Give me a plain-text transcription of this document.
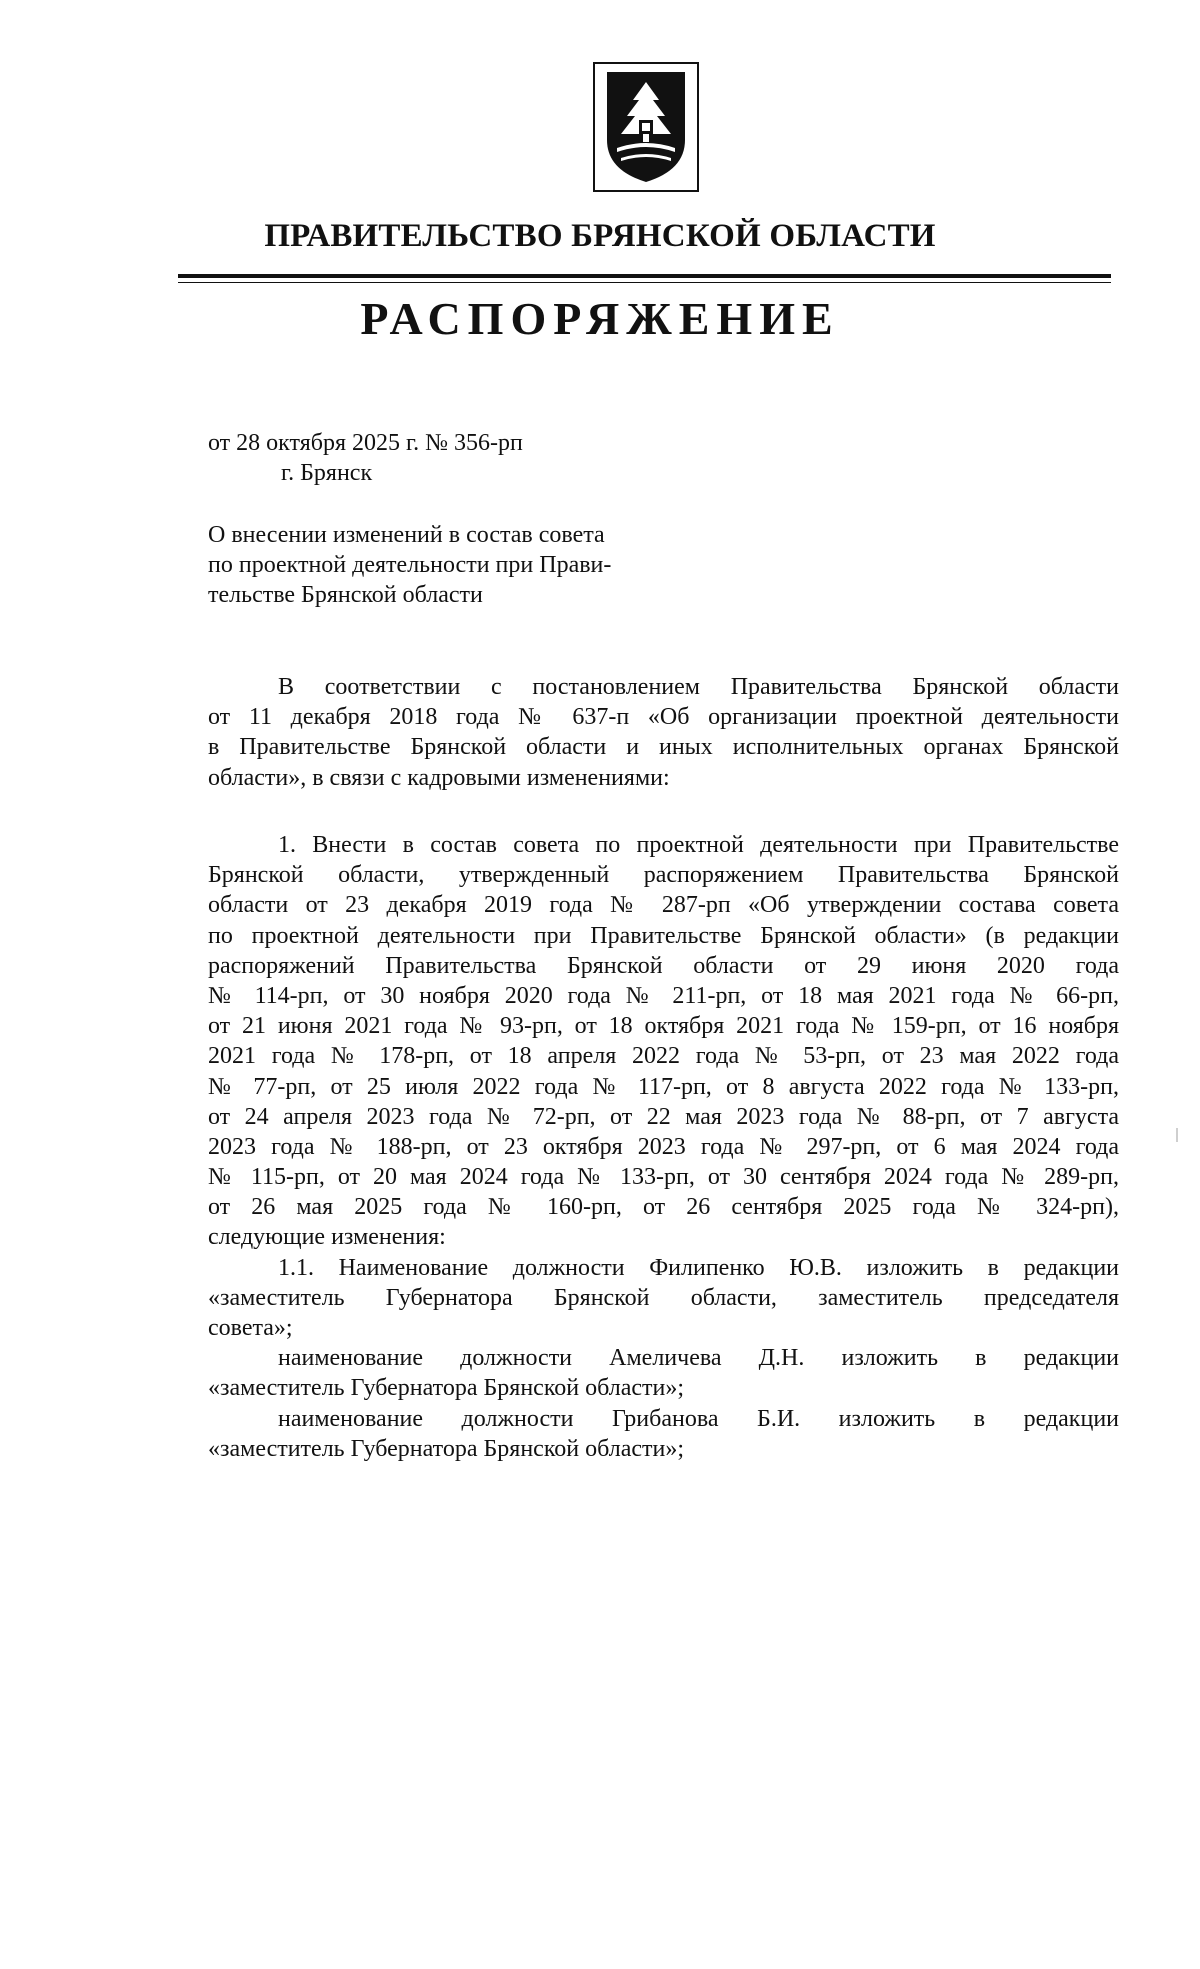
ПРАВИТЕЛЬСТВО БРЯНСКОЙ ОБЛАСТИ
РАСПОРЯЖЕНИЕ
от 28 октября 2025 г. № 356-рп
г. Брянск
О внесении изменений в состав совета
по проектной деятельности при Прави-
тельстве Брянской области
В соответствии с постановлением Правительства Брянской области
от 11 декабря 2018 года № 637-п «Об организации проектной деятельности
в Правительстве Брянской области и иных исполнительных органах Брянской
области», в связи с кадровыми изменениями:
1. Внести в состав совета по проектной деятельности при Правительстве
Брянской области, утвержденный распоряжением Правительства Брянской
области от 23 декабря 2019 года № 287-рп «Об утверждении состава совета
по проектной деятельности при Правительстве Брянской области» (в редакции
распоряжений Правительства Брянской области от 29 июня 2020 года
№ 114-рп, от 30 ноября 2020 года № 211-рп, от 18 мая 2021 года № 66-рп,
от 21 июня 2021 года № 93-рп, от 18 октября 2021 года № 159-рп, от 16 ноября
2021 года № 178-рп, от 18 апреля 2022 года № 53-рп, от 23 мая 2022 года
№ 77-рп, от 25 июля 2022 года № 117-рп, от 8 августа 2022 года № 133-рп,
от 24 апреля 2023 года № 72-рп, от 22 мая 2023 года № 88-рп, от 7 августа
2023 года № 188-рп, от 23 октября 2023 года № 297-рп, от 6 мая 2024 года
№ 115-рп, от 20 мая 2024 года № 133-рп, от 30 сентября 2024 года № 289-рп,
от 26 мая 2025 года № 160-рп, от 26 сентября 2025 года № 324-рп),
следующие изменения:
1.1. Наименование должности Филипенко Ю.В. изложить в редакции
«заместитель Губернатора Брянской области, заместитель председателя
совета»;
наименование должности Амеличева Д.Н. изложить в редакции
«заместитель Губернатора Брянской области»;
наименование должности Грибанова Б.И. изложить в редакции
«заместитель Губернатора Брянской области»;
